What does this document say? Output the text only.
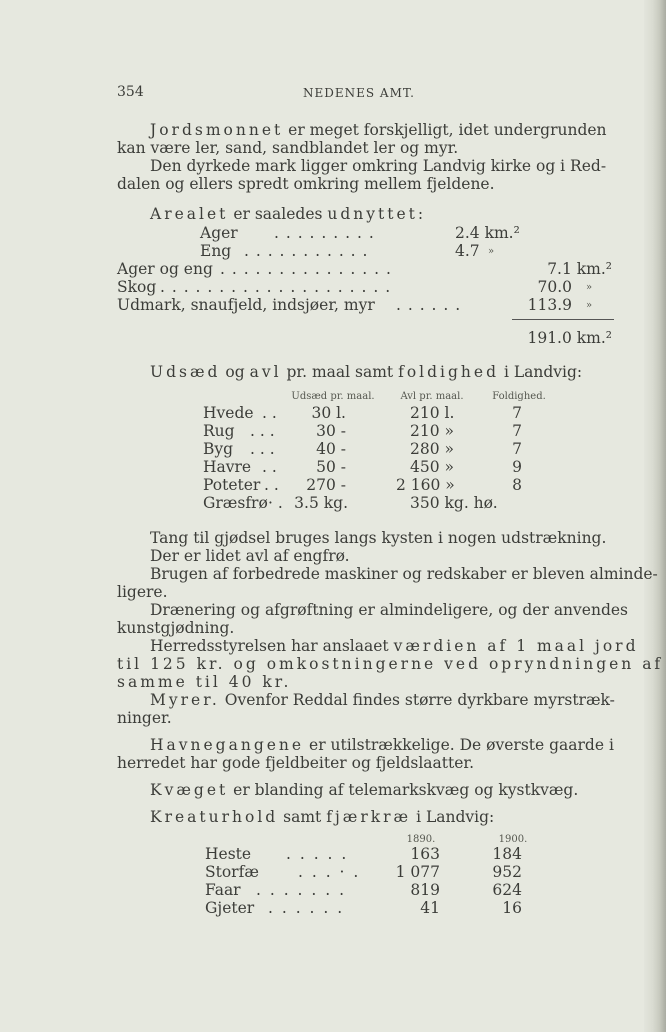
354	NEDENES AMT.
Jordsmonnet er meget forskjelligt, idet undergrunden
kan være ler, sand, sandblandet ler og myr.
Den dyrkede mark ligger omkring Landvig kirke og i Red-
dalen og ellers spredt omkring mellem fjeldene.
Arealet er saaledes udnyttet:
Ager . . . . . . . . .	2.4 km.²
Eng . . . . . . . . . . .	4.7 »
Ager og eng . . . . . . . . . . . . . . .	7.1 km.²
Skog . . . . . . . . . . . . . . . . . . . .	70.0 »
Udmark, snaufjeld, indsjøer, myr . . . . . .	113.9 »
191.0 km.²
Udsæd og avl pr. maal samt foldighed i Landvig:
Udsæd pr. maal.	Avl pr. maal.	Foldighed.
Hvede . .	30 l.	210 l.	7
Rug . . .	30 -	210 »	7
Byg . . .	40 -	280 »	7
Havre . .	50 -	450 »	9
Poteter . .	270 -	2 160 »	8
Græsfrø · . 3.5 kg.	350 kg. hø.
Tang til gjødsel bruges langs kysten i nogen udstrækning.
Der er lidet avl af engfrø.
Brugen af forbedrede maskiner og redskaber er bleven alminde-
ligere.
Drænering og afgrøftning er almindeligere, og der anvendes
kunstgjødning.
Herredsstyrelsen har anslaaet værdien af 1 maal jord
til 125 kr. og omkostningerne ved opryndningen af
samme til 40 kr.
Myrer. Ovenfor Reddal findes større dyrkbare myrstræk-
ninger.
Havnegangene er utilstrækkelige. De øverste gaarde i
herredet har gode fjeldbeiter og fjeldslaatter.
Kvæget er blanding af telemarkskvæg og kystkvæg.
Kreaturhold samt fjærkræ i Landvig:
1890.	1900.
Heste . . . . .	163	184
Storfæ	. . . · .	1 077	952
Faar . . . . . . .	819	624
Gjeter . . . . . .	41	16
